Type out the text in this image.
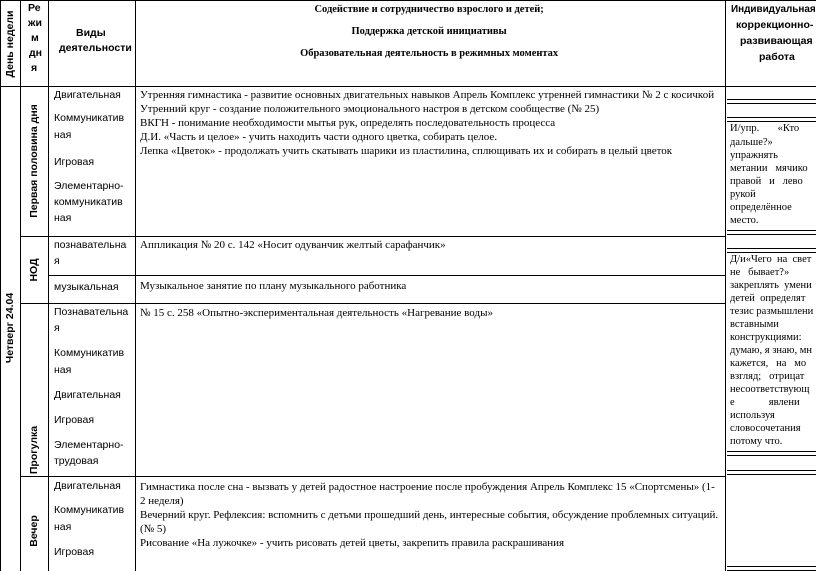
День недели
Ре
жи
м
дн
я
Виды
деятельности
Содействие и сотрудничество взрослого и детей;
Поддержка детской инициативы
Образовательная деятельность в режимных моментах
Индивидуальная
коррекционно-
развивающая
работа
Четверг 24.04
Первая половина дня
Двигательная
Коммуникатив
ная
Игровая
Элементарно-
коммуникатив
ная
Утренняя гимнастика - развитие основных двигательных навыков Апрель Комплекс утренней гимнастики № 2 с косичкой
Утренний круг - создание положительного эмоционального настроя в детском сообществе (№ 25)
ВКГН - понимание необходимости мытья рук, определять последовательность процесса
Д.И. «Часть и целое» - учить находить части одного цветка, собирать целое.
Лепка «Цветок» - продолжать учить скатывать шарики из пластилина, сплющивать их и собирать в целый цветок
И/упр.       «Кто
дальше?»
упражнять
метании   мячико
правой   и   лево
рукой
определённое
место.
НОД
познавательна
я
Аппликация № 20 с. 142 «Носит одуванчик желтый сарафанчик»
музыкальная Музыкальное занятие по плану музыкального работника
Д/и«Чего  на  свет
не   бывает?»
закреплять  умени
детей  определят
тезис размышлени
вставными
конструкциями:
думаю, я знаю, мн
кажется,   на   мо
взгляд;   отрицат
несоответствующ
е             явлени
используя
словосочетания
потому что.
Прогулка
Познавательна
я
Коммуникатив
ная
Двигательная
Игровая
Элементарно-
трудовая
№ 15 с. 258 «Опытно-экспериментальная деятельность «Нагревание воды»
Вечер
Двигательная
Коммуникатив
ная
Игровая
Гимнастика после сна - вызвать у детей радостное настроение после пробуждения Апрель Комплекс 15 «Спортсмены» (1-
2 неделя)
Вечерний круг. Рефлексия: вспомнить с детьми прошедший день, интересные события, обсуждение проблемных ситуаций.
(№ 5)
Рисование «На лужочке» - учить рисовать детей цветы, закрепить правила раскрашивания
